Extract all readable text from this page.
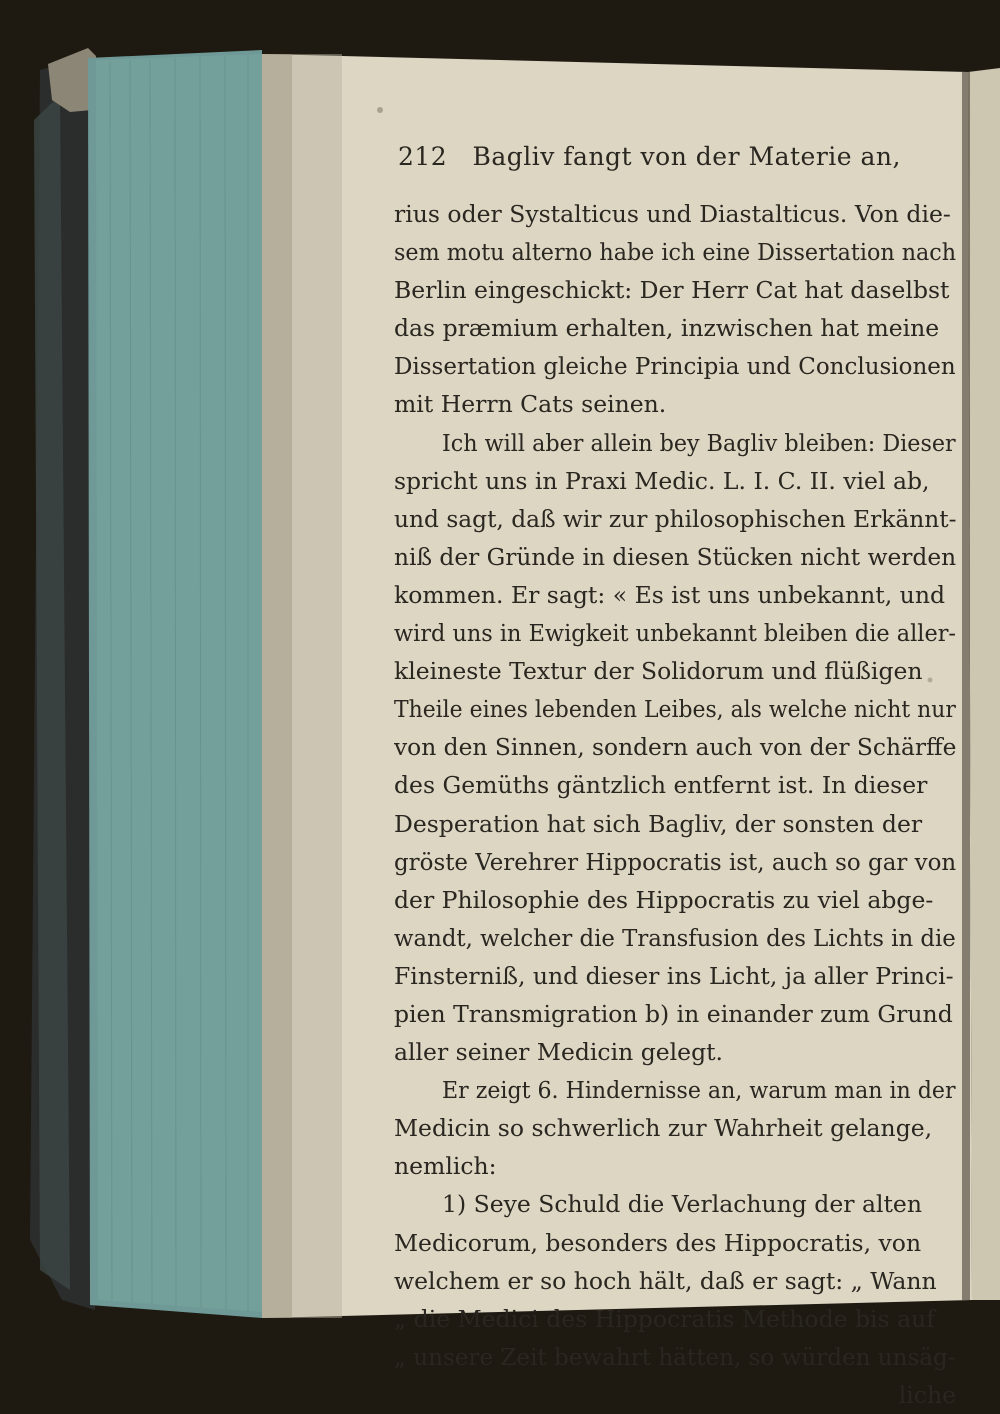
212 Bagliv fangt von der Materie an,
rius oder Systalticus und Diastalticus. Von die-
sem motu alterno habe ich eine Dissertation nach
Berlin eingeschickt: Der Herr Cat hat daselbst
das præmium erhalten, inzwischen hat meine
Dissertation gleiche Principia und Conclusionen
mit Herrn Cats seinen.
Ich will aber allein bey Bagliv bleiben: Dieser
spricht uns in Praxi Medic. L. I. C. II. viel ab,
und sagt, daß wir zur philosophischen Erkännt-
niß der Gründe in diesen Stücken nicht werden
kommen. Er sagt: « Es ist uns unbekannt, und
wird uns in Ewigkeit unbekannt bleiben die aller-
kleineste Textur der Solidorum und flüßigen
Theile eines lebenden Leibes, als welche nicht nur
von den Sinnen, sondern auch von der Schärffe
des Gemüths gäntzlich entfernt ist. In dieser
Desperation hat sich Bagliv, der sonsten der
gröste Verehrer Hippocratis ist, auch so gar von
der Philosophie des Hippocratis zu viel abge-
wandt, welcher die Transfusion des Lichts in die
Finsterniß, und dieser ins Licht, ja aller Princi-
pien Transmigration b) in einander zum Grund
aller seiner Medicin gelegt.
Er zeigt 6. Hindernisse an, warum man in der
Medicin so schwerlich zur Wahrheit gelange,
nemlich:
1) Seye Schuld die Verlachung der alten
Medicorum, besonders des Hippocratis, von
welchem er so hoch hält, daß er sagt: „ Wann
„ die Medici des Hippocratis Methode bis auf
„ unsere Zeit bewahrt hätten, so würden unsäg-
liche
